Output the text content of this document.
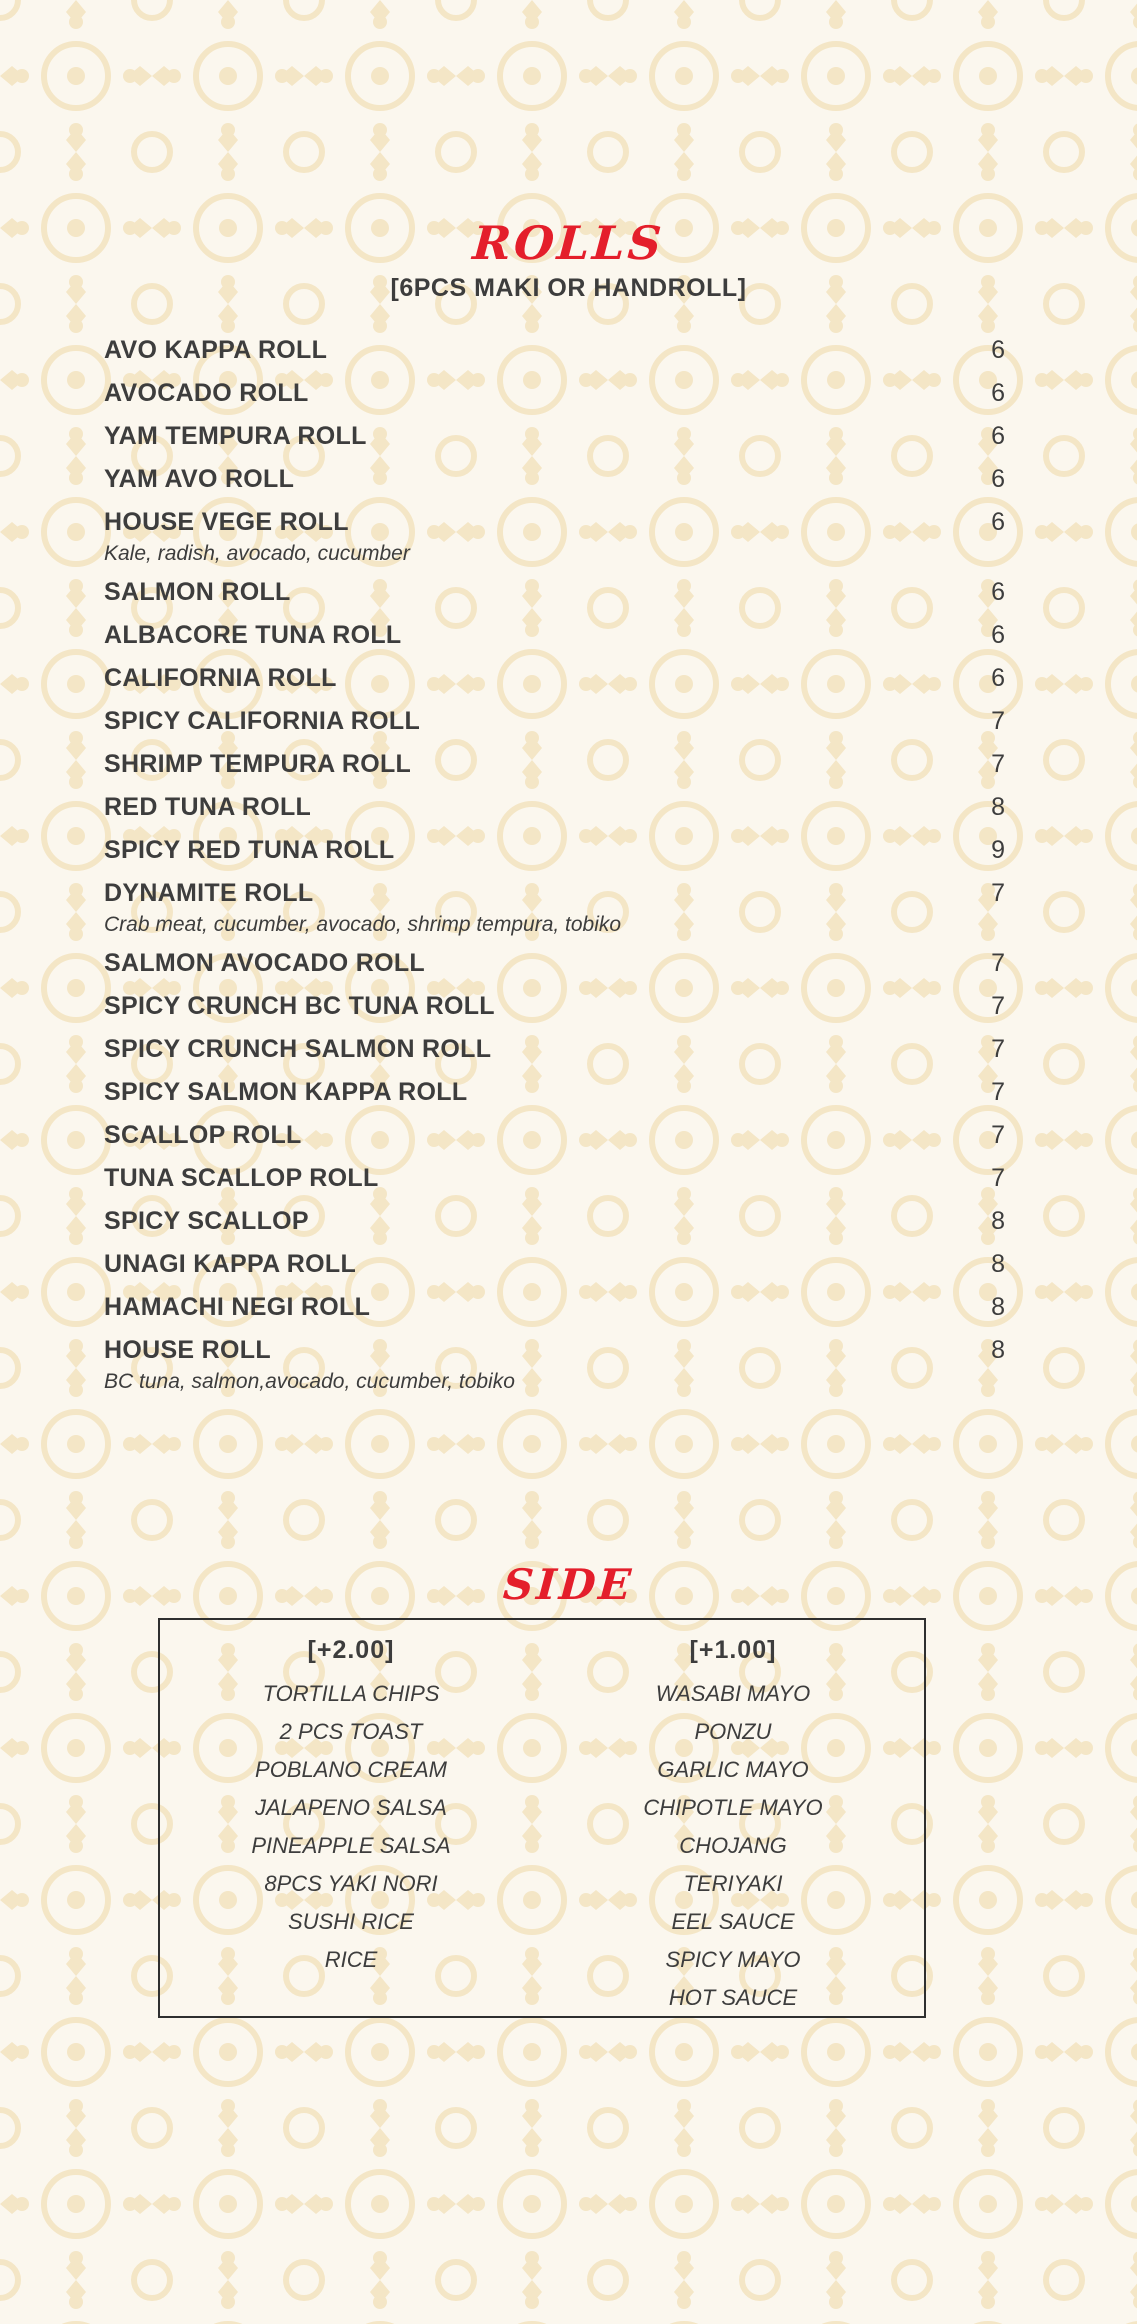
ROLLS
[6PCS MAKI OR HANDROLL]
AVO KAPPA ROLL	6
AVOCADO ROLL	6
YAM TEMPURA ROLL	6
YAM AVO ROLL	6
HOUSE VEGE ROLL	6
Kale, radish, avocado, cucumber
SALMON ROLL	6
ALBACORE TUNA ROLL	6
CALIFORNIA ROLL	6
SPICY CALIFORNIA ROLL	7
SHRIMP TEMPURA ROLL	7
RED TUNA ROLL	8
SPICY RED TUNA ROLL	9
DYNAMITE ROLL	7
Crab meat, cucumber, avocado, shrimp tempura, tobiko
SALMON AVOCADO ROLL	7
SPICY CRUNCH BC TUNA ROLL	7
SPICY CRUNCH SALMON ROLL	7
SPICY SALMON KAPPA ROLL	7
SCALLOP ROLL	7
TUNA SCALLOP ROLL	7
SPICY SCALLOP	8
UNAGI KAPPA ROLL	8
HAMACHI NEGI ROLL	8
HOUSE ROLL	8
BC tuna, salmon,avocado, cucumber, tobiko
SIDE
[+2.00]
TORTILLA CHIPS
2 PCS TOAST
POBLANO CREAM
JALAPENO SALSA
PINEAPPLE SALSA
8PCS YAKI NORI
SUSHI RICE
RICE
[+1.00]
WASABI MAYO
PONZU
GARLIC MAYO
CHIPOTLE MAYO
CHOJANG
TERIYAKI
EEL SAUCE
SPICY MAYO
HOT SAUCE
